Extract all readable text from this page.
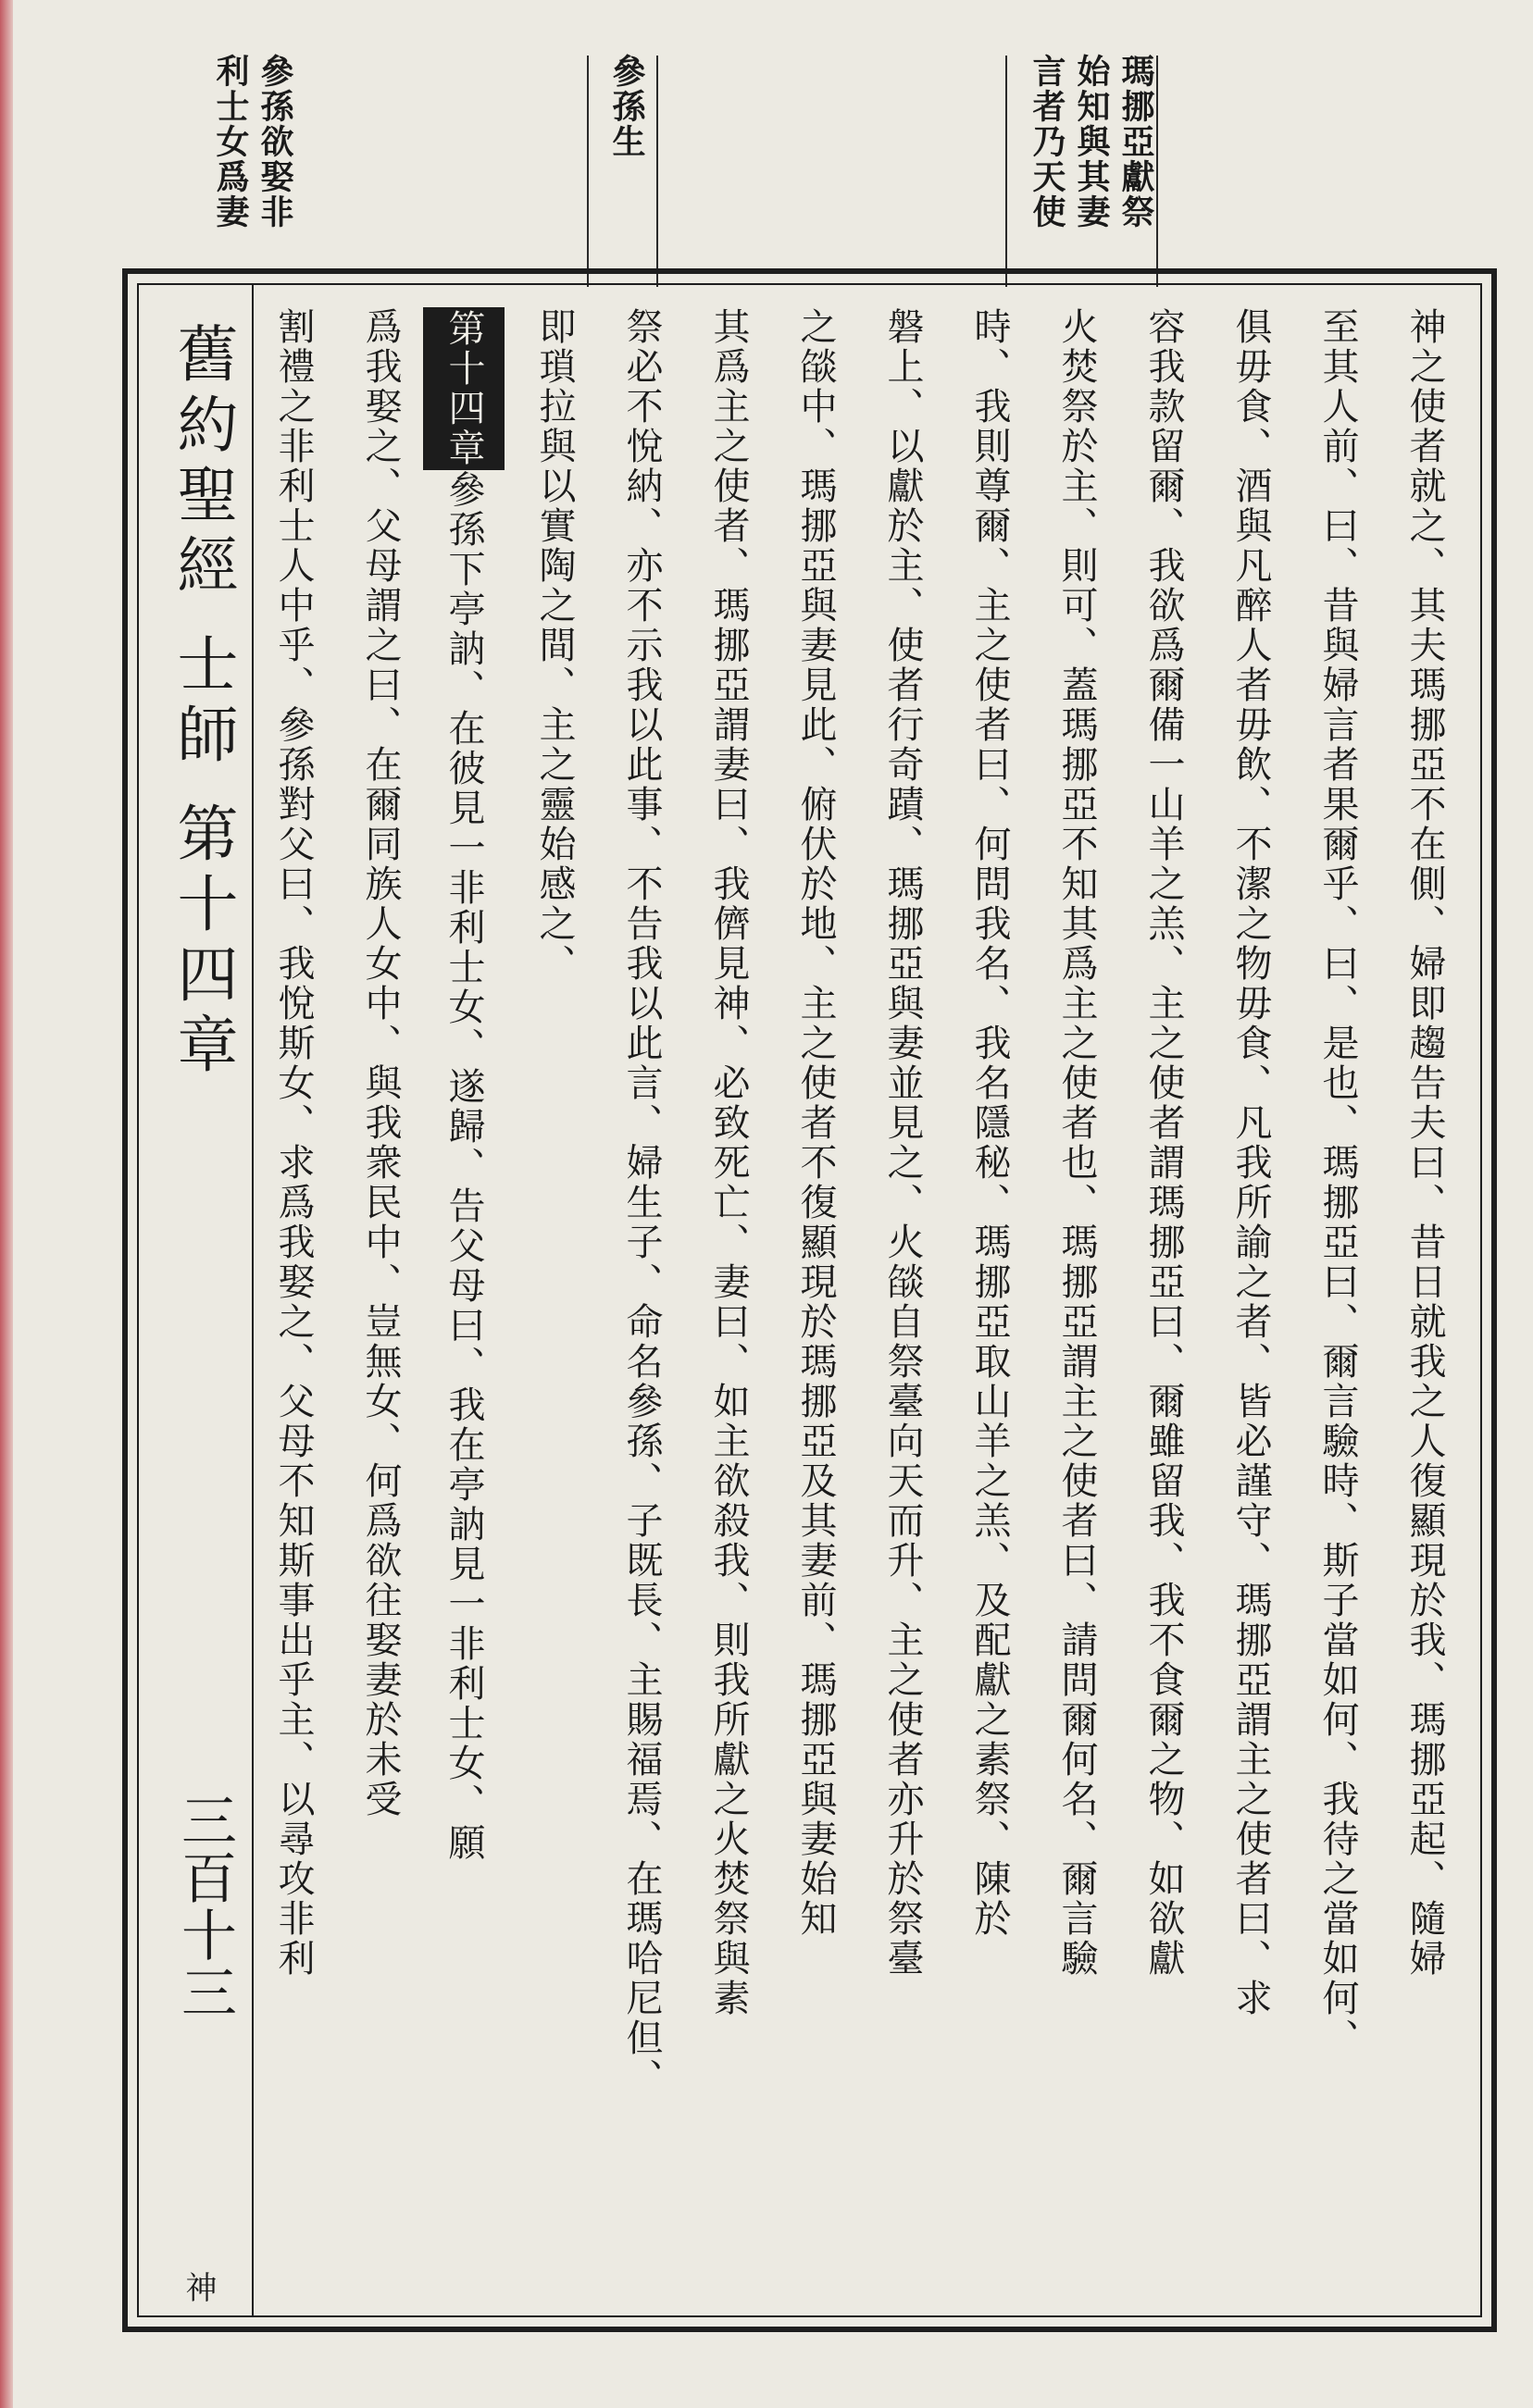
瑪挪亞獻祭
始知與其妻
言者乃天使
參孫生
參孫欲娶非
利士女爲妻
舊約聖經 士師 第十四章
三百十三
神
神之使者就之、其夫瑪挪亞不在側、婦即趨告夫曰、昔日就我之人復顯現於我、瑪挪亞起、隨婦
至其人前、曰、昔與婦言者果爾乎、曰、是也、瑪挪亞曰、爾言驗時、斯子當如何、我待之當如何、
俱毋食、酒與凡醉人者毋飲、不潔之物毋食、凡我所諭之者、皆必謹守、瑪挪亞謂主之使者曰、求
容我款留爾、我欲爲爾備一山羊之羔、主之使者謂瑪挪亞曰、爾雖留我、我不食爾之物、如欲獻
火焚祭於主、則可、蓋瑪挪亞不知其爲主之使者也、瑪挪亞謂主之使者曰、請問爾何名、爾言驗
時、我則尊爾、主之使者曰、何問我名、我名隱秘、瑪挪亞取山羊之羔、及配獻之素祭、陳於
磐上、以獻於主、使者行奇蹟、瑪挪亞與妻並見之、火燄自祭臺向天而升、主之使者亦升於祭臺
之燄中、瑪挪亞與妻見此、俯伏於地、主之使者不復顯現於瑪挪亞及其妻前、瑪挪亞與妻始知
其爲主之使者、瑪挪亞謂妻曰、我儕見神、必致死亡、妻曰、如主欲殺我、則我所獻之火焚祭與素
祭必不悅納、亦不示我以此事、不告我以此言、婦生子、命名參孫、子既長、主賜福焉、在瑪哈尼但、
即瑣拉與以實陶之間、主之靈始感之、
第十四章參孫下亭訥、在彼見一非利士女、遂歸、告父母曰、我在亭訥見一非利士女、願
爲我娶之、父母謂之曰、在爾同族人女中、與我衆民中、豈無女、何爲欲往娶妻於未受
割禮之非利士人中乎、參孫對父曰、我悅斯女、求爲我娶之、父母不知斯事出乎主、以尋攻非利
